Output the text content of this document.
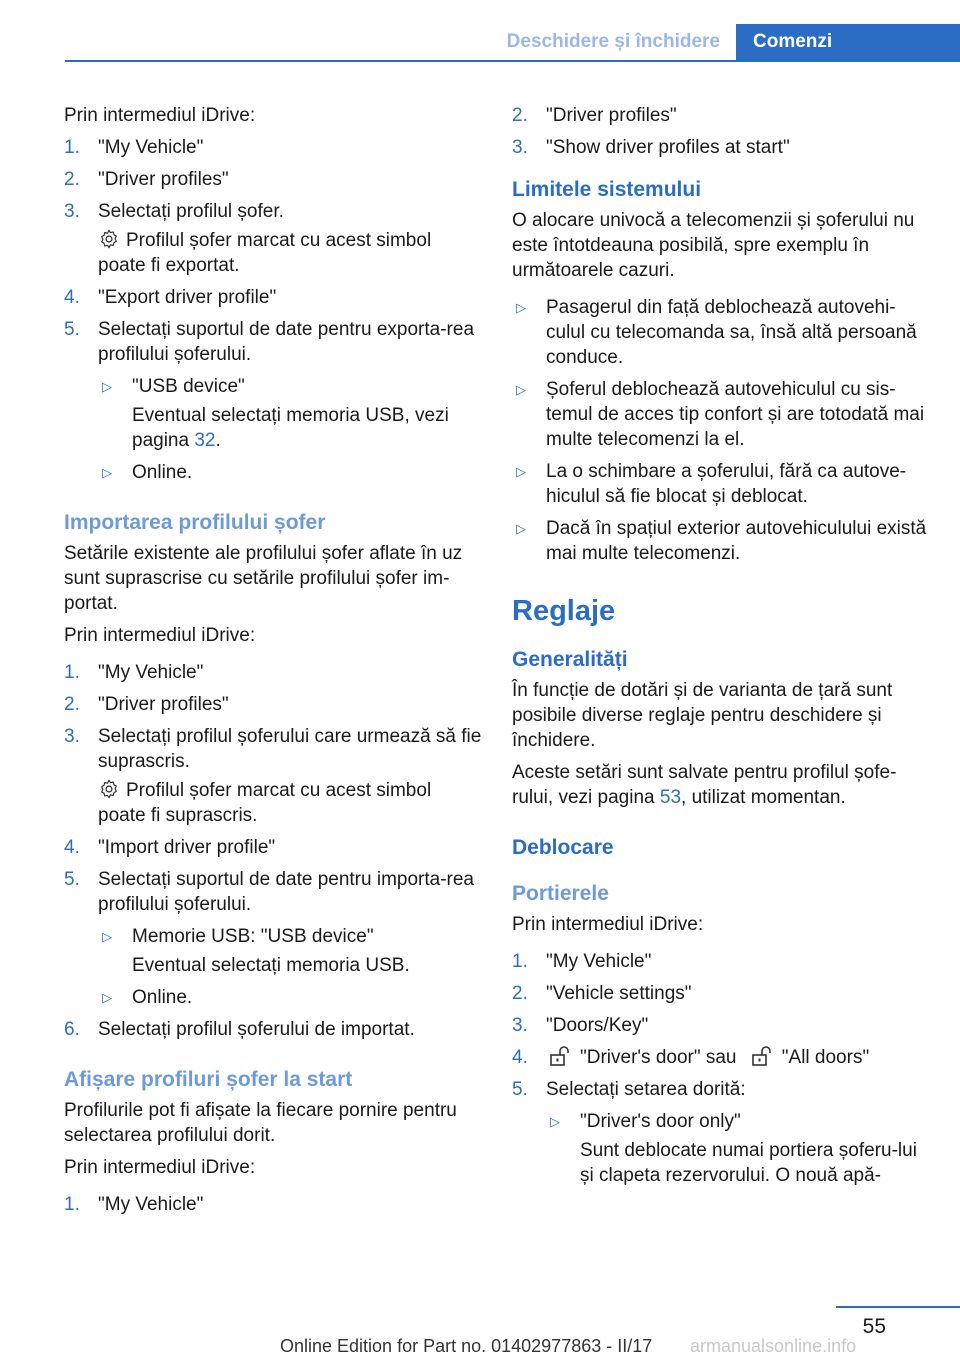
Deschidere și închidere	Comenzi

Prin intermediul iDrive:

1. "My Vehicle"
2. "Driver profiles"
3. Selectați profilul șofer.
Profilul șofer marcat cu acest simbol poate fi exportat.
4. "Export driver profile"
5. Selectați suportul de date pentru exporta-rea profilului șoferului.
▷ "USB device"
Eventual selectați memoria USB, vezi pagina 32.
▷ Online.
Importarea profilului șofer

Setările existente ale profilului șofer aflate în uz sunt suprascrise cu setările profilului șofer im-portat.

Prin intermediul iDrive:

1. "My Vehicle"
2. "Driver profiles"
3. Selectați profilul șoferului care urmează să fie suprascris.
Profilul șofer marcat cu acest simbol poate fi suprascris.
4. "Import driver profile"
5. Selectați suportul de date pentru importa-rea profilului șoferului.
▷ Memorie USB: "USB device"
Eventual selectați memoria USB.
▷ Online.
6. Selectați profilul șoferului de importat.
Afișare profiluri șofer la start

Profilurile pot fi afișate la fiecare pornire pentru selectarea profilului dorit.

Prin intermediul iDrive:

1. "My Vehicle"
2. "Driver profiles"
3. "Show driver profiles at start"
Limitele sistemului

O alocare univocă a telecomenzii și șoferului nu este întotdeauna posibilă, spre exemplu în următoarele cazuri.

▷ Pasagerul din față deblochează autovehi-culul cu telecomanda sa, însă altă persoană conduce.
▷ Șoferul deblochează autovehiculul cu sis-temul de acces tip confort și are totodată mai multe telecomenzi la el.
▷ La o schimbare a șoferului, fără ca autove-hiculul să fie blocat și deblocat.
▷ Dacă în spațiul exterior autovehiculului există mai multe telecomenzi.
Reglaje
Generalități

În funcție de dotări și de varianta de țară sunt posibile diverse reglaje pentru deschidere și închidere.

Aceste setări sunt salvate pentru profilul șofe-rului, vezi pagina 53, utilizat momentan.

Deblocare
Portierele

Prin intermediul iDrive:

1. "My Vehicle"
2. "Vehicle settings"
3. "Doors/Key"
4.	"Driver's door" sau "All doors"
5. Selectați setarea dorită:
▷ "Driver's door only"
Sunt deblocate numai portiera șoferu-lui și clapeta rezervorului. O nouă apă-
55
Online Edition for Part no. 01402977863 - II/17 armanualsonline.info
